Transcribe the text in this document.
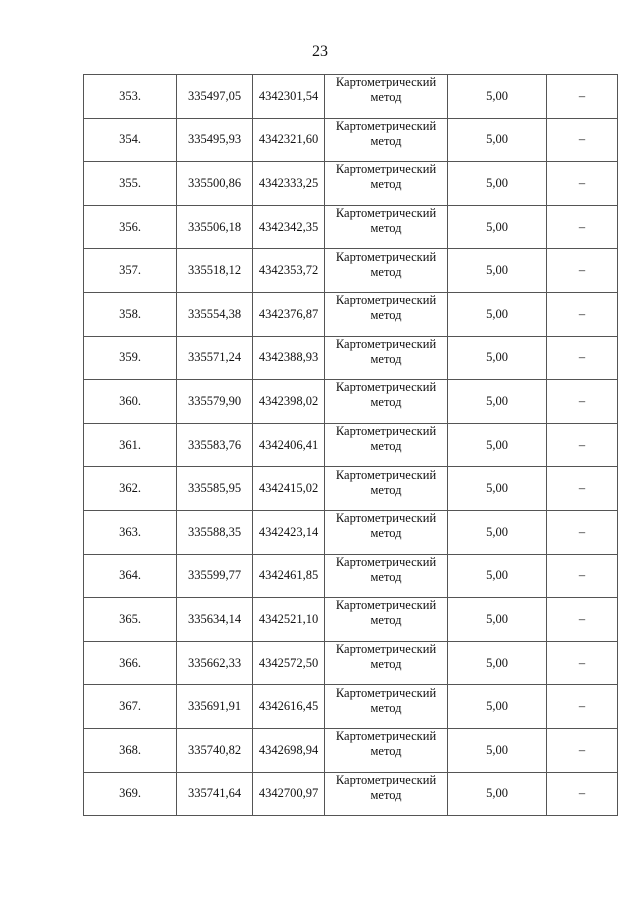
23
353.	335497,05	4342301,54	Картометрический метод	5,00	–
354.	335495,93	4342321,60	Картометрический метод	5,00	–
355.	335500,86	4342333,25	Картометрический метод	5,00	–
356.	335506,18	4342342,35	Картометрический метод	5,00	–
357.	335518,12	4342353,72	Картометрический метод	5,00	–
358.	335554,38	4342376,87	Картометрический метод	5,00	–
359.	335571,24	4342388,93	Картометрический метод	5,00	–
360.	335579,90	4342398,02	Картометрический метод	5,00	–
361.	335583,76	4342406,41	Картометрический метод	5,00	–
362.	335585,95	4342415,02	Картометрический метод	5,00	–
363.	335588,35	4342423,14	Картометрический метод	5,00	–
364.	335599,77	4342461,85	Картометрический метод	5,00	–
365.	335634,14	4342521,10	Картометрический метод	5,00	–
366.	335662,33	4342572,50	Картометрический метод	5,00	–
367.	335691,91	4342616,45	Картометрический метод	5,00	–
368.	335740,82	4342698,94	Картометрический метод	5,00	–
369.	335741,64	4342700,97	Картометрический метод	5,00	–
